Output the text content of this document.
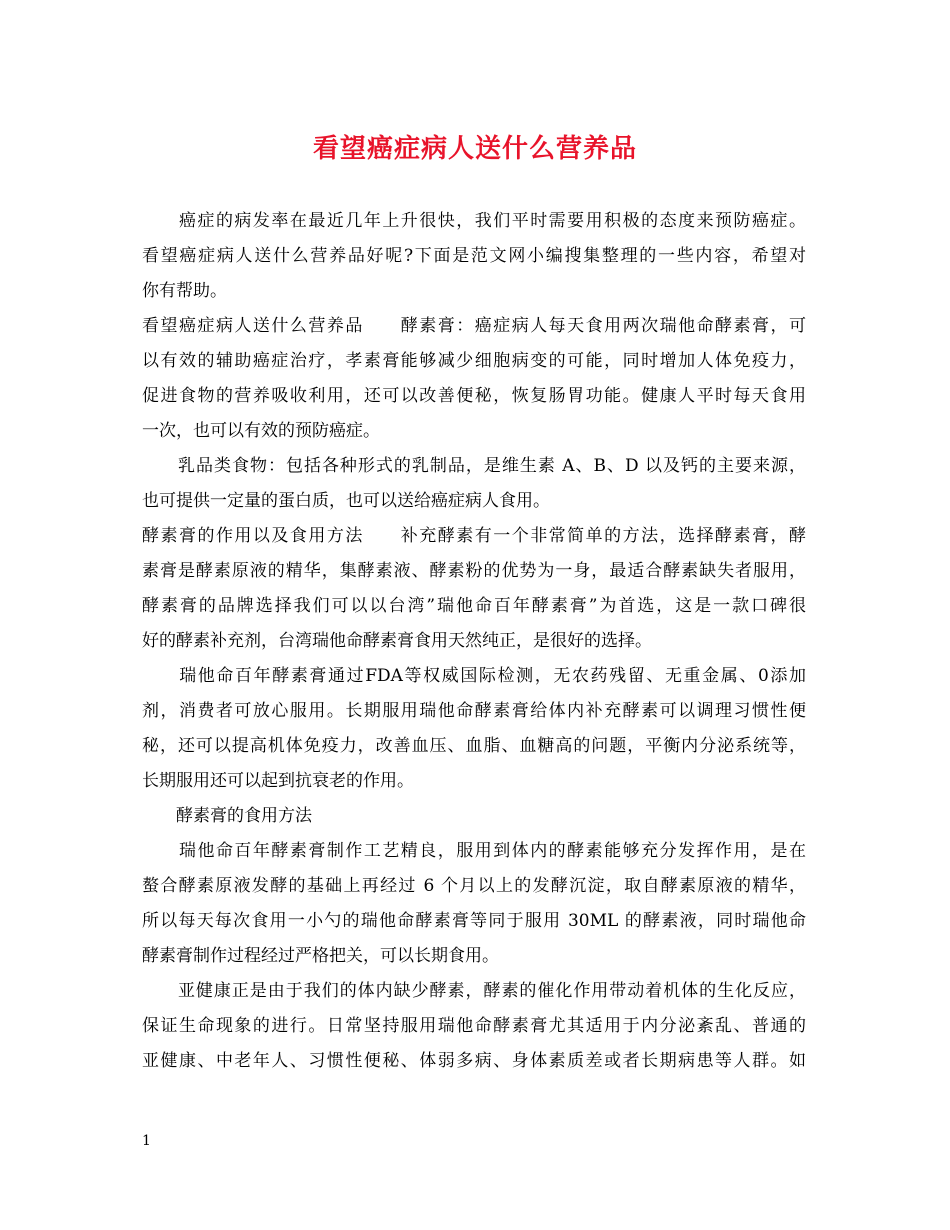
看望癌症病人送什么营养品
　　癌症的病发率在最近几年上升很快，我们平时需要用积极的态度来预防癌症。
看望癌症病人送什么营养品好呢?下面是范文网小编搜集整理的一些内容，希望对
你有帮助。
看望癌症病人送什么营养品　　酵素膏：癌症病人每天食用两次瑞他命酵素膏，可
以有效的辅助癌症治疗，孝素膏能够减少细胞病变的可能，同时增加人体免疫力，
促进食物的营养吸收利用，还可以改善便秘，恢复肠胃功能。健康人平时每天食用
一次，也可以有效的预防癌症。
　　乳品类食物：包括各种形式的乳制品，是维生素 A、B、D 以及钙的主要来源，
也可提供一定量的蛋白质，也可以送给癌症病人食用。
酵素膏的作用以及食用方法　　补充酵素有一个非常简单的方法，选择酵素膏，酵
素膏是酵素原液的精华，集酵素液、酵素粉的优势为一身，最适合酵素缺失者服用，
酵素膏的品牌选择我们可以以台湾”瑞他命百年酵素膏”为首选，这是一款口碑很
好的酵素补充剂，台湾瑞他命酵素膏食用天然纯正，是很好的选择。
　　瑞他命百年酵素膏通过FDA等权威国际检测，无农药残留、无重金属、0添加
剂，消费者可放心服用。长期服用瑞他命酵素膏给体内补充酵素可以调理习惯性便
秘，还可以提高机体免疫力，改善血压、血脂、血糖高的问题，平衡内分泌系统等，
长期服用还可以起到抗衰老的作用。
　　酵素膏的食用方法
　　瑞他命百年酵素膏制作工艺精良，服用到体内的酵素能够充分发挥作用，是在
螯合酵素原液发酵的基础上再经过 6 个月以上的发酵沉淀，取自酵素原液的精华，
所以每天每次食用一小勺的瑞他命酵素膏等同于服用 30ML 的酵素液，同时瑞他命
酵素膏制作过程经过严格把关，可以长期食用。
　　亚健康正是由于我们的体内缺少酵素，酵素的催化作用带动着机体的生化反应，
保证生命现象的进行。日常坚持服用瑞他命酵素膏尤其适用于内分泌紊乱、普通的
亚健康、中老年人、习惯性便秘、体弱多病、身体素质差或者长期病患等人群。如
1
